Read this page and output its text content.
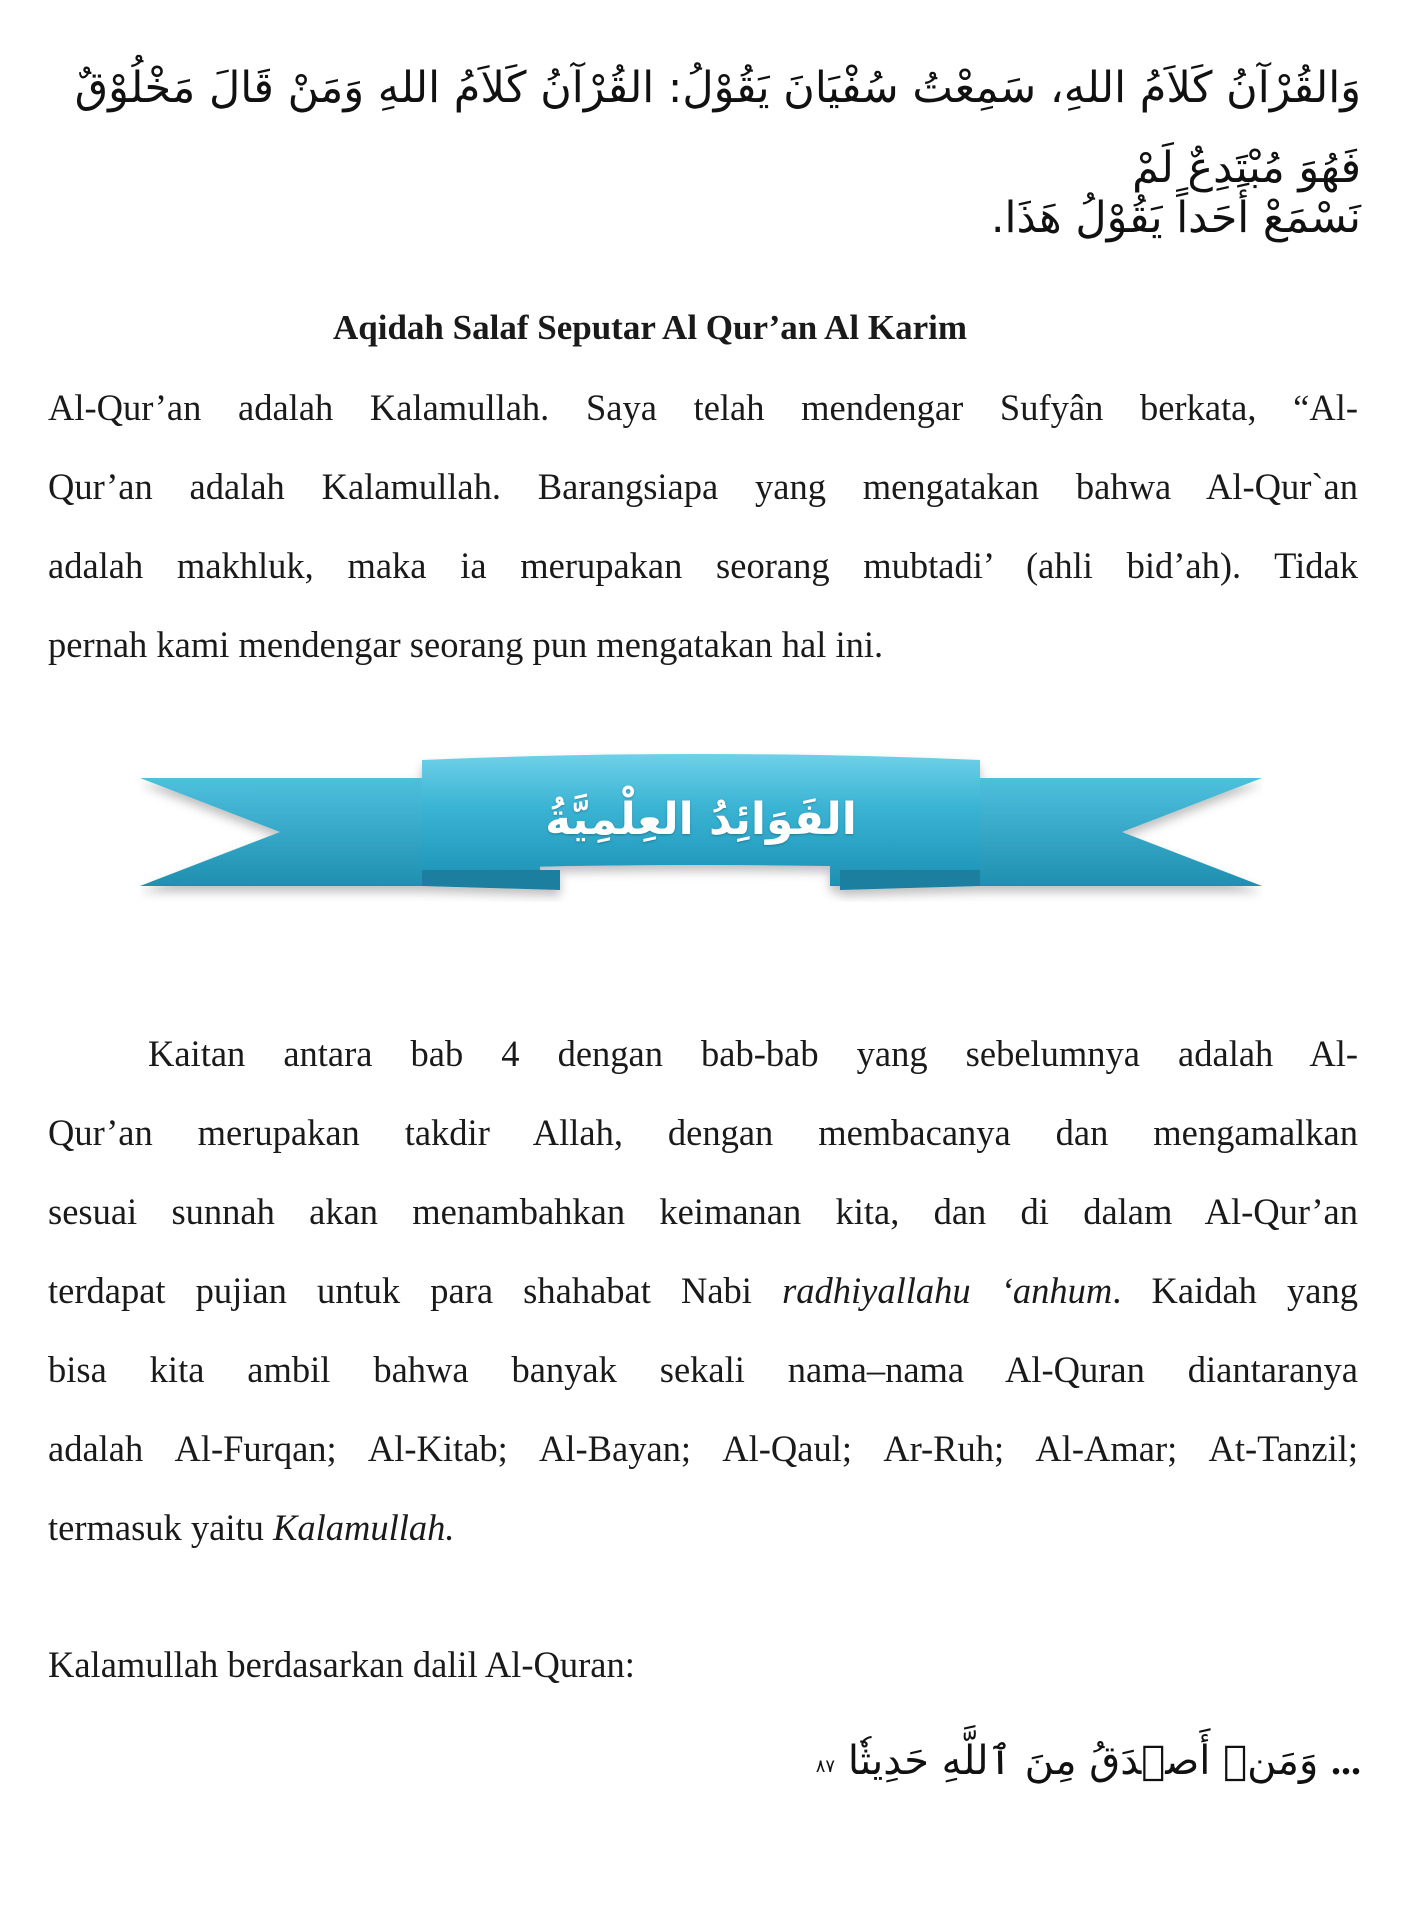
وَالقُرْآنُ كَلاَمُ اللهِ، سَمِعْتُ سُفْيَانَ يَقُوْلُ: القُرْآنُ كَلاَمُ اللهِ وَمَنْ قَالَ مَخْلُوْقٌ فَهُوَ مُبْتَدِعٌ لَمْ
نَسْمَعْ أَحَداً يَقُوْلُ هَذَا.
Aqidah Salaf Seputar Al Qur’an Al Karim
Al-Qur’an adalah Kalamullah. Saya telah mendengar Sufyân berkata, “Al-
Qur’an adalah Kalamullah. Barangsiapa yang mengatakan bahwa Al-Qur`an
adalah makhluk, maka ia merupakan seorang mubtadi’ (ahli bid’ah). Tidak
pernah kami mendengar seorang pun mengatakan hal ini.
الفَوَائِدُ العِلْمِيَّةُ
Kaitan antara bab 4 dengan bab-bab yang sebelumnya adalah Al-
Qur’an merupakan takdir Allah, dengan membacanya dan mengamalkan
sesuai sunnah akan menambahkan keimanan kita, dan di dalam Al-Qur’an
terdapat pujian untuk para shahabat Nabi radhiyallahu ‘anhum. Kaidah yang
bisa kita ambil bahwa banyak sekali nama–nama Al-Quran diantaranya
adalah Al-Furqan; Al-Kitab; Al-Bayan; Al-Qaul; Ar-Ruh; Al-Amar; At-Tanzil;
termasuk yaitu Kalamullah.
Kalamullah berdasarkan dalil Al-Quran:
... وَمَنۡ أَصۡدَقُ مِنَ ٱللَّهِ حَدِيثٗا ٨٧
